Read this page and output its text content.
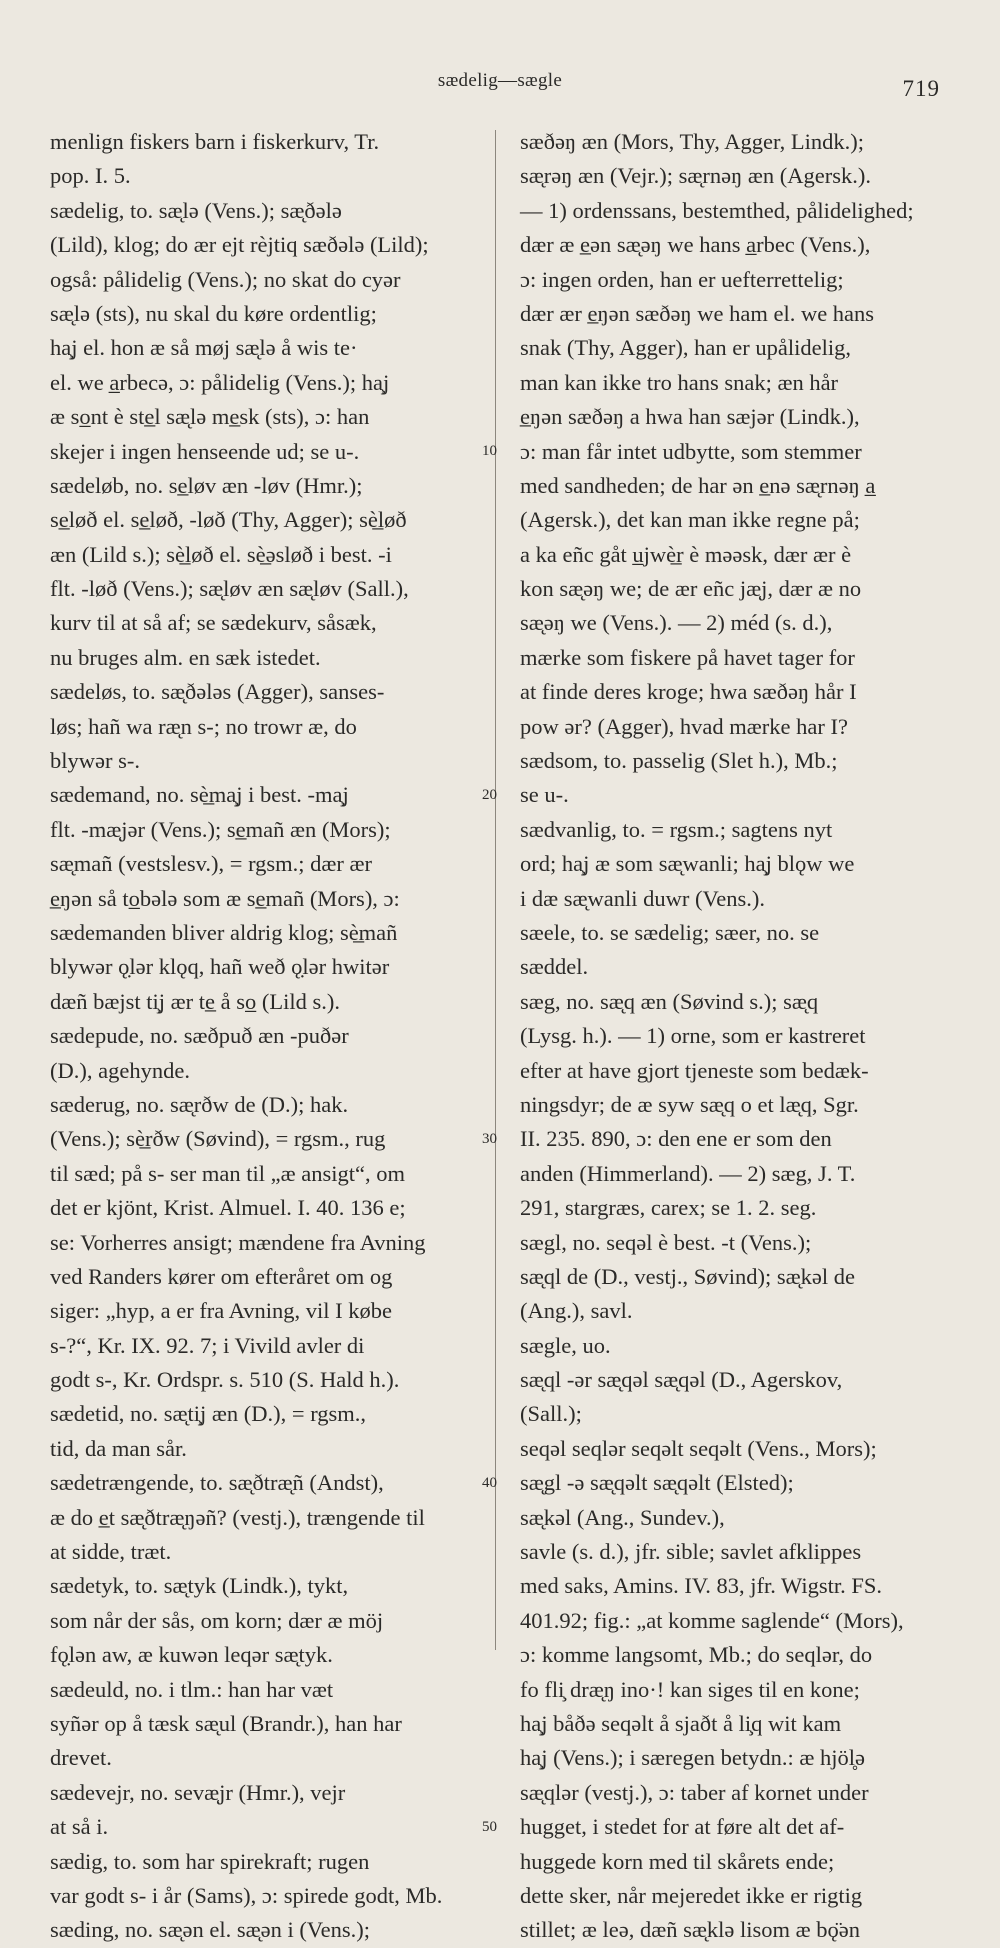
sædelig—sægle	719
menlign fiskers barn i fiskerkurv, Tr.
pop. I. 5.
sædelig, to. sæ̨lə (Vens.); sæ̨ðələ
(Lild), klog; do ær ejt rèjtiq sæðələ (Lild);
også: pålidelig (Vens.); no skat do cyər
sæ̨lə (sts), nu skal du køre ordentlig;
ha̧j el. hon æ så møj sæ̨lə å wis te·
el. we a̲rbecə, ɔ: pålidelig (Vens.); ha̧j
æ so̲nt è ste̲l sæ̨lə me̲sk (sts), ɔ: han
skejer i ingen henseende ud; se u-.
sædeløb, no. se̲løv æn -løv (Hmr.);
se̲løð el. se̲løð, -løð (Thy, Agger); sè̲løð
æn (Lild s.); sè̲løð el. sè̲əsløð i best. -i
flt. -løð (Vens.); sæ̨løv æn sæ̨løv (Sall.),
kurv til at så af; se sædekurv, såsæk,
nu bruges alm. en sæk istedet.
sædeløs, to. sæ̨ðələs (Agger), sanses-
løs; hañ wa ræ̨n s-; no trowr æ, do
blywər s-.
sædemand, no. sè̲ma̧j i best. -ma̧j
flt. -mæ̨jər (Vens.); se̲mañ æn (Mors);
sæ̨mañ (vestslesv.), = rgsm.; dær ær
e̲ŋən så to̲bələ som æ se̲mañ (Mors), ɔ:
sædemanden bliver aldrig klog; sè̲mañ
blywər ǫ̣lər klǫq, hañ weð ǫ̣lər hwitər
dæñ bæjst ti̧j ær te̲ å so̲ (Lild s.).
sædepude, no. sæðpuð æn -puðər
(D.), agehynde.
sæderug, no. sæ̨rðw de (D.); hak.
(Vens.); sè̲rðw (Søvind), = rgsm., rug
til sæd; på s- ser man til „æ ansigt“, om
det er kjönt, Krist. Almuel. I. 40. 136 e;
se: Vorherres ansigt; mændene fra Avning
ved Randers kører om efteråret om og
siger: „hyp, a er fra Avning, vil I købe
s-?“, Kr. IX. 92. 7; i Vivild avler di
godt s-, Kr. Ordspr. s. 510 (S. Hald h.).
sædetid, no. sæ̨ti̧j æn (D.), = rgsm.,
tid, da man sår.
sædetrængende, to. sæ̨ðtræ̨ñ (Andst),
æ do e̲t sæ̨ðtræ̨ŋəñ? (vestj.), trængende til
at sidde, træt.
sædetyk, to. sæ̨tyk (Lindk.), tykt,
som når der sås, om korn; dær æ möj
fǫ̣lən aw, æ kuwən leqər sæ̨tyk.
sædeuld, no. i tlm.: han har væt
syñər op å tæsk sæ̨ul (Brandr.), han har
drevet.
sædevejr, no. sevæ̨jr (Hmr.), vejr
at så i.
sædig, to. som har spirekraft; rugen
var godt s- i år (Sams), ɔ: spirede godt, Mb.
sæding, no. sæ̨ən el. sæ̨ən i (Vens.);
sæðəŋ æn (Mors, Thy, Agger, Lindk.);
sæ̨rəŋ æn (Vejr.); sæ̨rnəŋ æn (Agersk.).
— 1) ordenssans, bestemthed, pålidelighed;
dær æ e̲ən sæ̨əŋ we hans a̲rbec (Vens.),
ɔ: ingen orden, han er uefterrettelig;
dær ær e̲ŋən sæðəŋ we ham el. we hans
snak (Thy, Agger), han er upålidelig,
man kan ikke tro hans snak; æn hår
e̲ŋən sæðəŋ a hwa han sæjər (Lindk.),
ɔ: man får intet udbytte, som stemmer
med sandheden; de har ən e̲nə sæ̨rnəŋ a̲
(Agersk.), det kan man ikke regne på;
a ka eñc gåt u̲jwè̲r è məəsk, dær ær è
kon sæ̨əŋ we; de ær eñc jæ̨j, dær æ no
sæ̨əŋ we (Vens.). — 2) méd (s. d.),
mærke som fiskere på havet tager for
at finde deres kroge; hwa sæðəŋ hår I
pow ər? (Agger), hvad mærke har I?
sædsom, to. passelig (Slet h.), Mb.;
se u-.
sædvanlig, to. = rgsm.; sagtens nyt
ord; ha̧j æ som sæ̨wanli; ha̧j blǫw we
i dæ sæ̨wanli duwr (Vens.).
sæele, to. se sædelig; sæer, no. se
sæddel.
sæg, no. sæ̨q æn (Søvind s.); sæ̨q
(Lysg. h.). — 1) orne, som er kastreret
efter at have gjort tjeneste som bedæk-
ningsdyr; de æ syw sæ̨q o et læ̨q, Sgr.
II. 235. 890, ɔ: den ene er som den
anden (Himmerland). — 2) sæg, J. T.
291, stargræs, carex; se 1. 2. seg.
sægl, no. seqəl è best. -t (Vens.);
sæ̨ql de (D., vestj., Søvind); sæ̨kəl de
(Ang.), savl.
sægle, uo.
sæ̨ql -ər sæ̨qəl sæ̨qəl (D., Agerskov,
(Sall.);
seqəl seqlər seqəlt seqəlt (Vens., Mors);
sæ̨gl -ə sæ̨qəlt sæ̨qəlt (Elsted);
sæ̨kəl (Ang., Sundev.),
savle (s. d.), jfr. sible; savlet afklippes
med saks, Amins. IV. 83, jfr. Wigstr. FS.
401.92; fig.: „at komme saglende“ (Mors),
ɔ: komme langsomt, Mb.; do seqlər, do
fo fli̧ dræ̨ŋ ino·! kan siges til en kone;
ha̧j båðə seqəlt å sjaðt å li̧q wit kam
ha̧j (Vens.); i særegen betydn.: æ hjöl̥ə
sæ̨qlər (vestj.), ɔ: taber af kornet under
hugget, i stedet for at føre alt det af-
huggede korn med til skårets ende;
dette sker, når mejeredet ikke er rigtig
stillet; æ leə, dæñ sæ̨klə lisom æ bǫ̈ən
10
20
30
40
50
